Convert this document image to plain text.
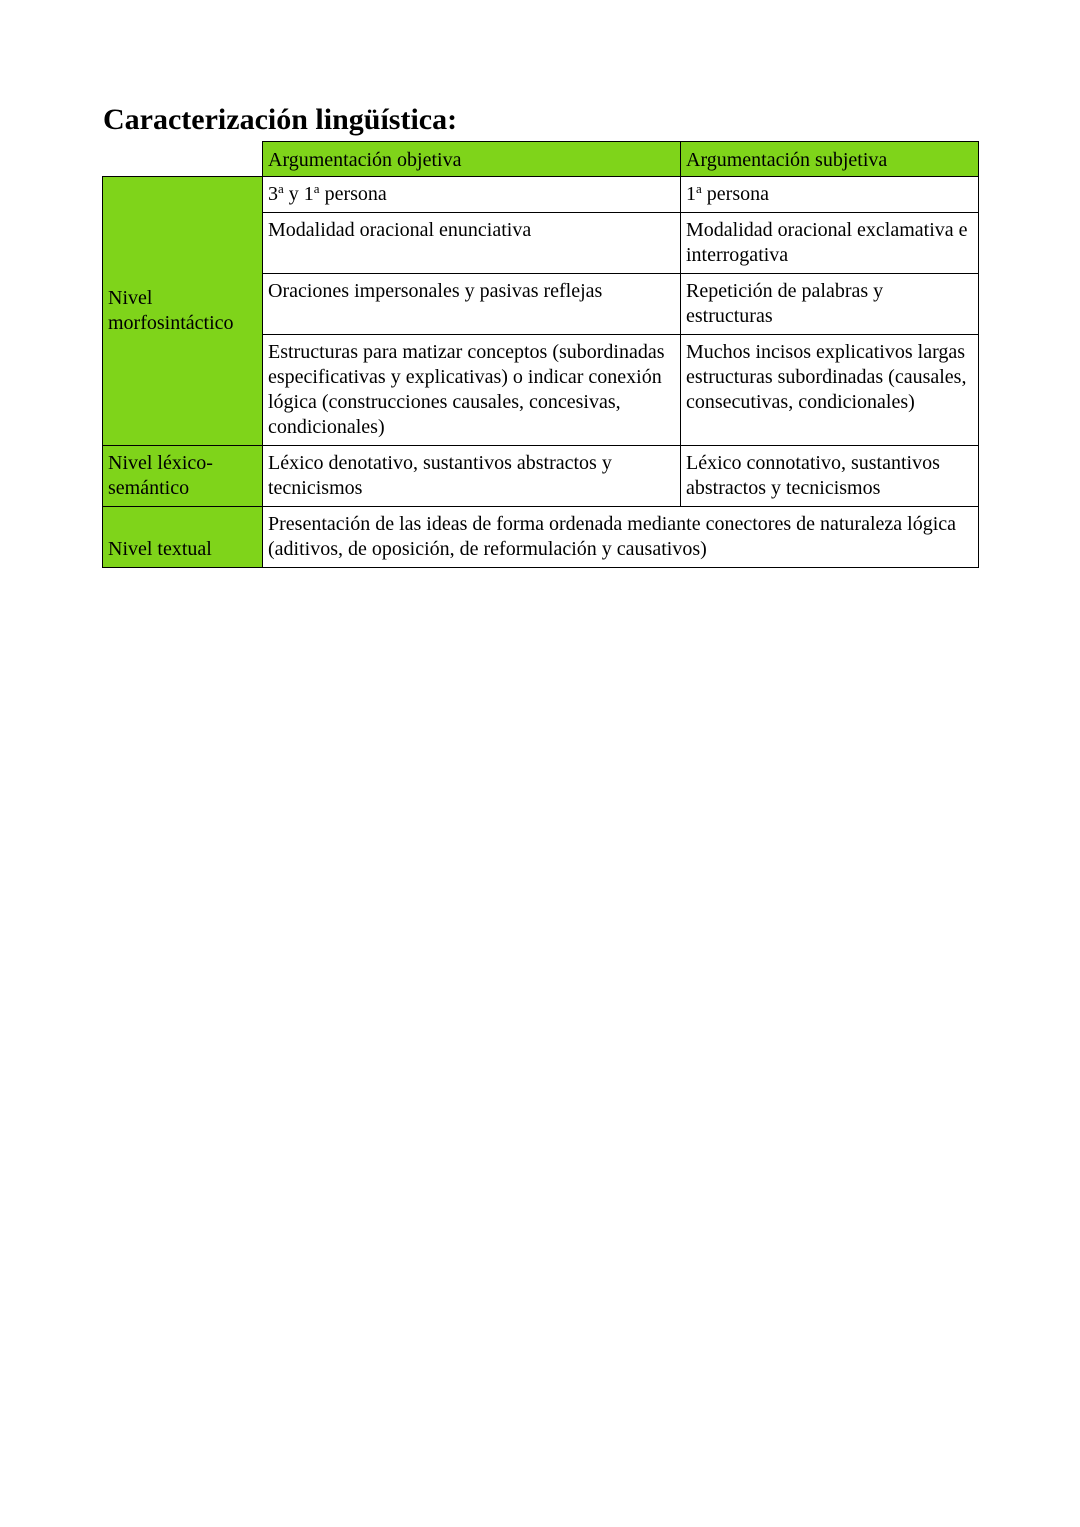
Caracterización lingüística:
	Argumentación objetiva	Argumentación subjetiva
Nivel morfosintáctico	3$^a$ y 1$^a$ persona	1$^a$ persona
	Modalidad oracional enunciativa	Modalidad oracional exclamativa e interrogativa
	Oraciones impersonales y pasivas reflejas	Repetición de palabras y estructuras
	Estructuras para matizar conceptos (subordinadas especificativas y explicativas) o indicar conexión lógica (construcciones causales, concesivas, condicionales)	Muchos incisos explicativos largas estructuras subordinadas (causales, consecutivas, condicionales)
Nivel léxico-semántico	Léxico denotativo, sustantivos abstractos y tecnicismos	Léxico connotativo, sustantivos abstractos y tecnicismos
Nivel textual	Presentación de las ideas de forma ordenada mediante conectores de naturaleza lógica (aditivos, de oposición, de reformulación y causativos)	
